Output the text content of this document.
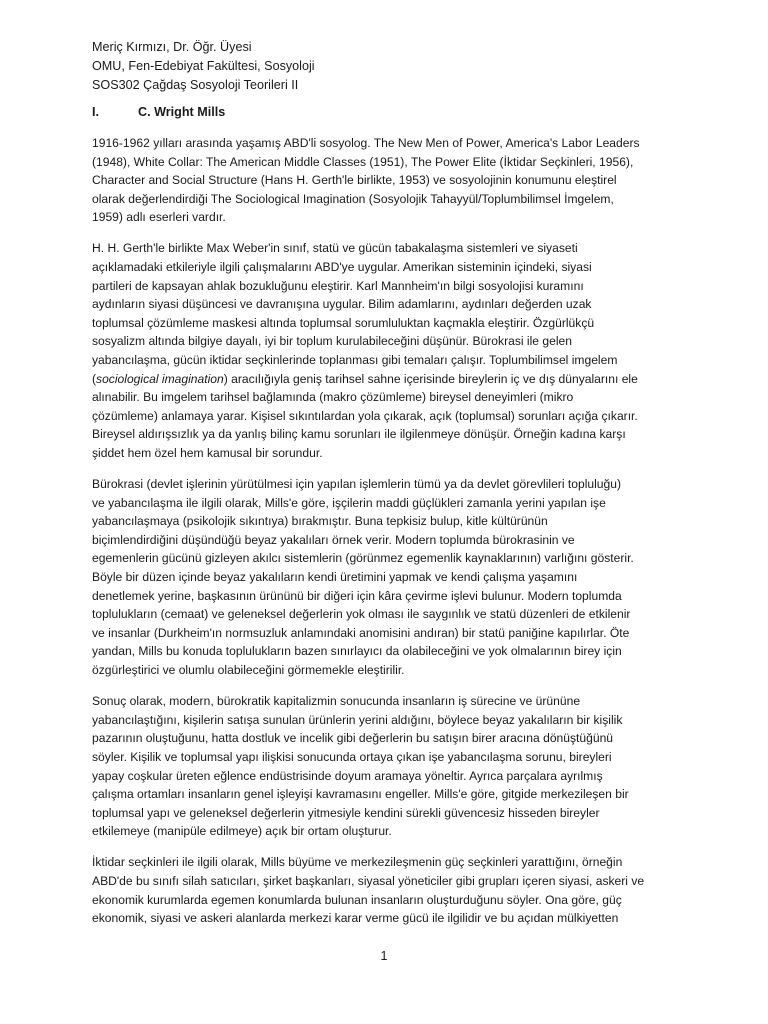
Meriç Kırmızı, Dr. Öğr. Üyesi

OMU, Fen-Edebiyat Fakültesi, Sosyoloji

SOS302 Çağdaş Sosyoloji Teorileri II

I.	C. Wright Mills

1916-1962 yılları arasında yaşamış ABD'li sosyolog. The New Men of Power, America's Labor Leaders
(1948), White Collar: The American Middle Classes (1951), The Power Elite (İktidar Seçkinleri, 1956),
Character and Social Structure (Hans H. Gerth'le birlikte, 1953) ve sosyolojinin konumunu eleştirel
olarak değerlendirdiği The Sociological Imagination (Sosyolojik Tahayyül/Toplumbilimsel İmgelem,
1959) adlı eserleri vardır.

H. H. Gerth'le birlikte Max Weber'in sınıf, statü ve gücün tabakalaşma sistemleri ve siyaseti
açıklamadaki etkileriyle ilgili çalışmalarını ABD'ye uygular. Amerikan sisteminin içindeki, siyasi
partileri de kapsayan ahlak bozukluğunu eleştirir. Karl Mannheim'ın bilgi sosyolojisi kuramını
aydınların siyasi düşüncesi ve davranışına uygular. Bilim adamlarını, aydınları değerden uzak
toplumsal çözümleme maskesi altında toplumsal sorumluluktan kaçmakla eleştirir. Özgürlükçü
sosyalizm altında bilgiye dayalı, iyi bir toplum kurulabileceğini düşünür. Bürokrasi ile gelen
yabancılaşma, gücün iktidar seçkinlerinde toplanması gibi temaları çalışır. Toplumbilimsel imgelem
(sociological imagination) aracılığıyla geniş tarihsel sahne içerisinde bireylerin iç ve dış dünyalarını ele
alınabilir. Bu imgelem tarihsel bağlamında (makro çözümleme) bireysel deneyimleri (mikro
çözümleme) anlamaya yarar. Kişisel sıkıntılardan yola çıkarak, açık (toplumsal) sorunları açığa çıkarır.
Bireysel aldırışsızlık ya da yanlış bilinç kamu sorunları ile ilgilenmeye dönüşür. Örneğin kadına karşı
şiddet hem özel hem kamusal bir sorundur.

Bürokrasi (devlet işlerinin yürütülmesi için yapılan işlemlerin tümü ya da devlet görevlileri topluluğu)
ve yabancılaşma ile ilgili olarak, Mills'e göre, işçilerin maddi güçlükleri zamanla yerini yapılan işe
yabancılaşmaya (psikolojik sıkıntıya) bırakmıştır. Buna tepkisiz bulup, kitle kültürünün
biçimlendirdiğini düşündüğü beyaz yakalıları örnek verir. Modern toplumda bürokrasinin ve
egemenlerin gücünü gizleyen akılcı sistemlerin (görünmez egemenlik kaynaklarının) varlığını gösterir.
Böyle bir düzen içinde beyaz yakalıların kendi üretimini yapmak ve kendi çalışma yaşamını
denetlemek yerine, başkasının ürününü bir diğeri için kâra çevirme işlevi bulunur. Modern toplumda
toplulukların (cemaat) ve geleneksel değerlerin yok olması ile saygınlık ve statü düzenleri de etkilenir
ve insanlar (Durkheim'ın normsuzluk anlamındaki anomisini andıran) bir statü paniğine kapılırlar. Öte
yandan, Mills bu konuda toplulukların bazen sınırlayıcı da olabileceğini ve yok olmalarının birey için
özgürleştirici ve olumlu olabileceğini görmemekle eleştirilir.

Sonuç olarak, modern, bürokratik kapitalizmin sonucunda insanların iş sürecine ve ürününe
yabancılaştığını, kişilerin satışa sunulan ürünlerin yerini aldığını, böylece beyaz yakalıların bir kişilik
pazarının oluştuğunu, hatta dostluk ve incelik gibi değerlerin bu satışın birer aracına dönüştüğünü
söyler. Kişilik ve toplumsal yapı ilişkisi sonucunda ortaya çıkan işe yabancılaşma sorunu, bireyleri
yapay coşkular üreten eğlence endüstrisinde doyum aramaya yöneltir. Ayrıca parçalara ayrılmış
çalışma ortamları insanların genel işleyişi kavramasını engeller. Mills'e göre, gitgide merkezileşen bir
toplumsal yapı ve geleneksel değerlerin yitmesiyle kendini sürekli güvencesiz hisseden bireyler
etkilemeye (manipüle edilmeye) açık bir ortam oluşturur.

İktidar seçkinleri ile ilgili olarak, Mills büyüme ve merkezileşmenin güç seçkinleri yarattığını, örneğin
ABD'de bu sınıfı silah satıcıları, şirket başkanları, siyasal yöneticiler gibi grupları içeren siyasi, askeri ve
ekonomik kurumlarda egemen konumlarda bulunan insanların oluşturduğunu söyler. Ona göre, güç
ekonomik, siyasi ve askeri alanlarda merkezi karar verme gücü ile ilgilidir ve bu açıdan mülkiyetten

1
